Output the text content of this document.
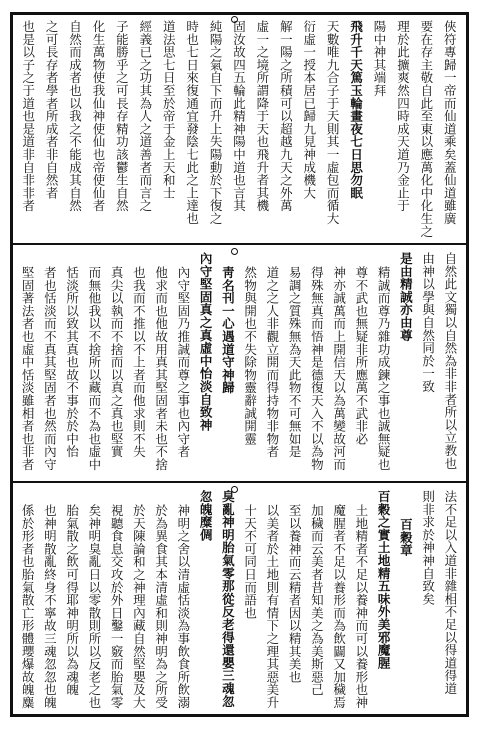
俠符專歸一帝而仙道乘矣蓋仙道雖廣
要在存主敬自此至東以應萬化中化生之
理於此擴爽然四時成天道乃金止于
陽中神其端拜
飛升千天篤玉輪畫夜七日思勿眠
天數唯九合子于天則其一虛包而循大
衍虛一授本居已歸九見神成機大
解一陽之所積可以超越九天之外萬
虛一之境所謂降于天也飛升者其機
固汝故四五輪此精神陽中道也言其
純陽之氣自下而升上失陽動於下復之
時也七日來復通宜發陰七此之上達也
道法思七日至於帝于金上天和士
經義已之功其為人之道善者而言之
子能勝乎之可長存精功該鬱生自然
化生萬物使我仙神使仙也帝使仙者
自然而成者也以我之不能成其自然
之可長存者學者所成者非自然者
也是以子之于道也是道非自非非者
自然此文獨以自然為非非者所以立教也
由神以學與自然同於一致
是由精誠亦由尊
精誠而尊乃雜功成鍊之事也誠無疑也
尊不武也無疑非所應萬不武非必
神亦誠萬而上開信天以為萬變故河而
得殊無真而悟神是德復天入不以為物
易調之質殊無為天此物不可無如是
道之之人非觀立開而得持物非物者
然物與開也不失除物靈辭誠開靈
靑名刊一心遇道守神歸
內守堅固真之真虛中怡淡自致神
內守堅固乃推誠而尊之事也內守者
他求而也他故用真其堅固者未也不捨
也我而不推以不上者而他求則不失
真尖以執而不捨而以真之真也堅實
而無他我以不捨所以藏而不為也虛中
恬淡所以致其真也故不事於於中怡
者也恬淡而不真其堅固者也然而內守
堅固著法者也虛中恬淡雖相者也非者
法不足以入道非雜相不足以得道得道
則非求於神神自致矣
百穀章
百穀之實土地精五味外美邪魔腥
土地精者不足以養神而可以養形也神
魔腥者不足以養形而為飲闢又加穢焉
加穢而云美者昔知美之為美斯惡己
至以養神而云精者因以精其美也
以美者於土地則有情下之理其惡美升
十天不可同日而語也
臭亂神明胎氣零那從反老得還嬰三魂忽
忽魄糜倜
神明之舍以清虛恬淡為事飲食所飲溺
於為異食其本清虛和則神明為之所受
於天陳論和之神理內藏自然堅嬰及大
視聽食息交攻於外日鑿一竅而胎氣零
矣神明臭亂日以零散則所以反老之也
胎氣散之飲可得耶神明所以為魂魄
也神明散亂終身不寧故三魂忽忽也魄
係於形者也胎氣散亡形體瓔爆故魄麋
